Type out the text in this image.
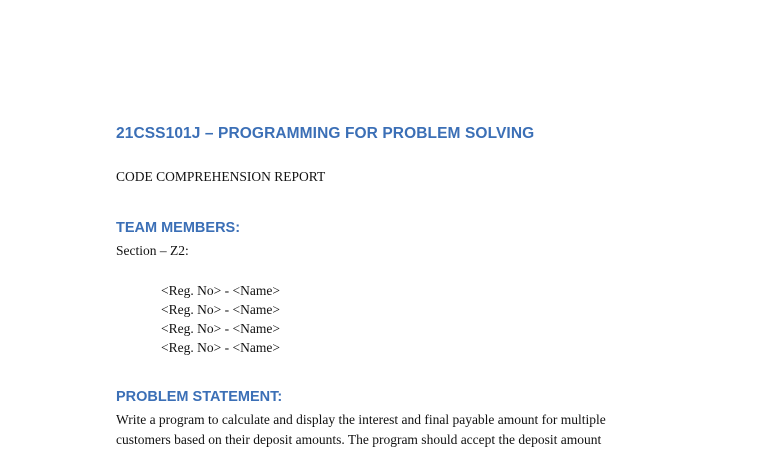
21CSS101J – PROGRAMMING FOR PROBLEM SOLVING
CODE COMPREHENSION REPORT
TEAM MEMBERS:
Section – Z2:
<Reg. No> - <Name>
<Reg. No> - <Name>
<Reg. No> - <Name>
<Reg. No> - <Name>
PROBLEM STATEMENT:

Write a program to calculate and display the interest and final payable amount for multiple
customers based on their deposit amounts. The program should accept the deposit amount
